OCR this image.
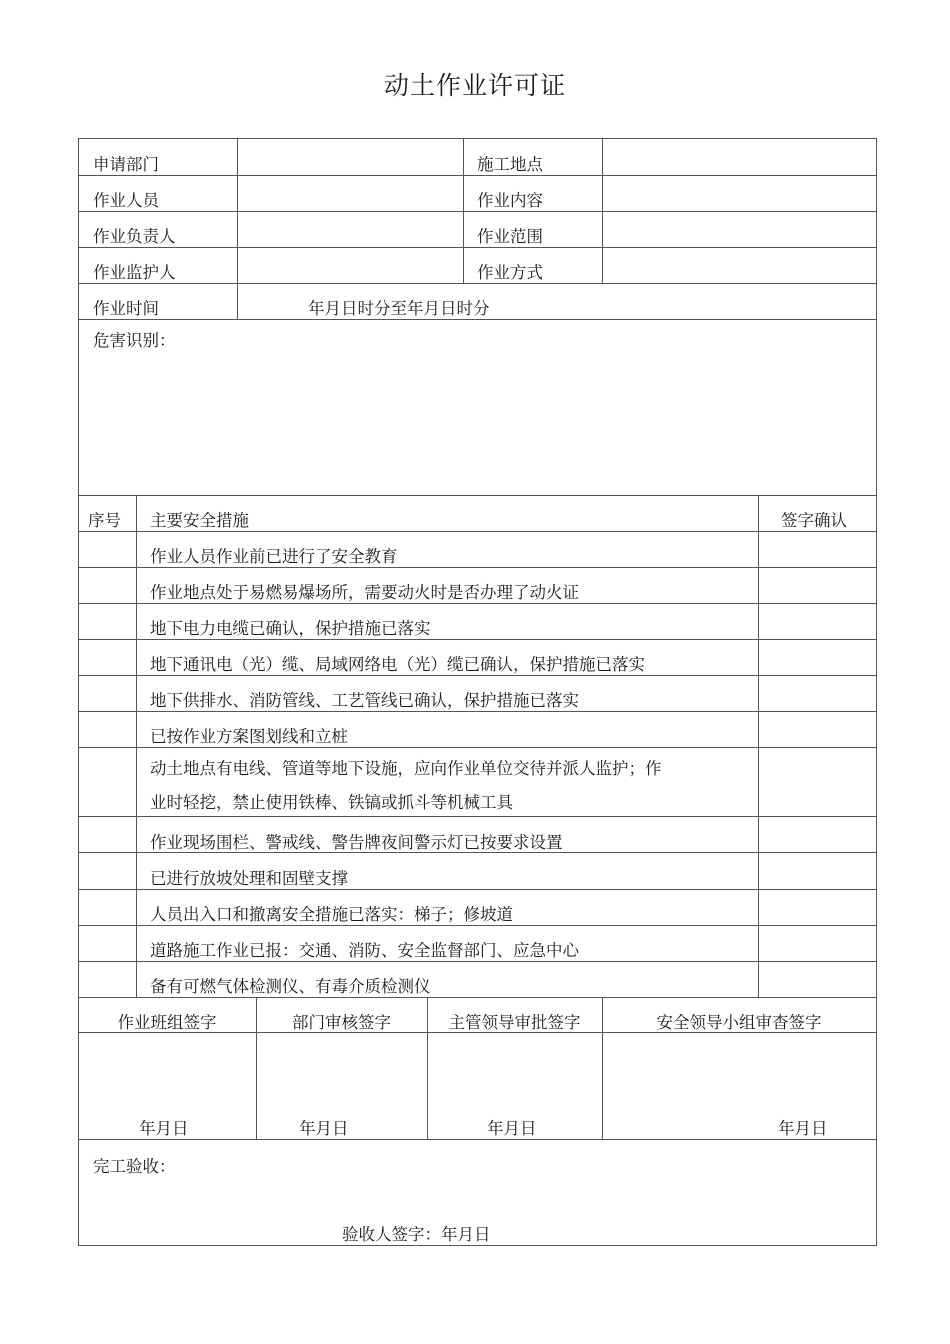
动土作业许可证
申请部门	施工地点
作业人员	作业内容
作业负责人	作业范围
作业监护人	作业方式
作业时间	年月日时分至年月日时分
危害识别：
序号 主要安全措施	签字确认
作业人员作业前已进行了安全教育
作业地点处于易燃易爆场所，需要动火时是否办理了动火证
地下电力电缆已确认，保护措施已落实
地下通讯电（光）缆、局域网络电（光）缆已确认，保护措施已落实
地下供排水、消防管线、工艺管线已确认，保护措施已落实
已按作业方案图划线和立桩
动土地点有电线、管道等地下设施，应向作业单位交待并派人监护；作
业时轻挖，禁止使用铁棒、铁镐或抓斗等机械工具
作业现场围栏、警戒线、警告牌夜间警示灯已按要求设置
已进行放坡处理和固壁支撑
人员出入口和撤离安全措施已落实：梯子；修坡道
道路施工作业已报：交通、消防、安全监督部门、应急中心
备有可燃气体检测仪、有毒介质检测仪
作业班组签字	部门审核签字	主管领导审批签字	安全领导小组审杳签字
年月日	年月日	年月日	年月日
完工验收：
验收人签字：年月日
